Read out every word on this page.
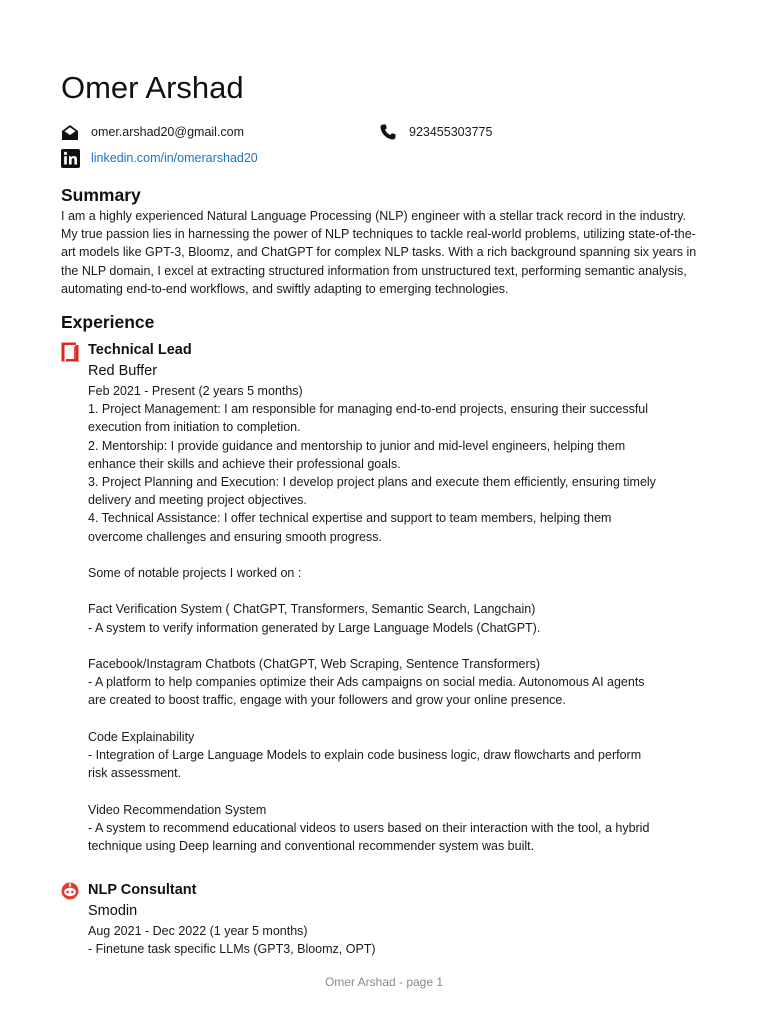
Omer Arshad
omer.arshad20@gmail.com	923455303775
linkedin.com/in/omerarshad20
Summary

I am a highly experienced Natural Language Processing (NLP) engineer with a stellar track record in the industry. My true passion lies in harnessing the power of NLP techniques to tackle real-world problems, utilizing state-of-the-art models like GPT-3, Bloomz, and ChatGPT for complex NLP tasks. With a rich background spanning six years in the NLP domain, I excel at extracting structured information from unstructured text, performing semantic analysis, automating end-to-end workflows, and swiftly adapting to emerging technologies.

Experience
Technical Lead
Red Buffer
Feb 2021 - Present (2 years 5 months)
1. Project Management: I am responsible for managing end-to-end projects, ensuring their successful
execution from initiation to completion.
2. Mentorship: I provide guidance and mentorship to junior and mid-level engineers, helping them
enhance their skills and achieve their professional goals.
3. Project Planning and Execution: I develop project plans and execute them efficiently, ensuring timely
delivery and meeting project objectives.
4. Technical Assistance: I offer technical expertise and support to team members, helping them
overcome challenges and ensuring smooth progress.
Some of notable projects I worked on :
Fact Verification System ( ChatGPT, Transformers, Semantic Search, Langchain)
- A system to verify information generated by Large Language Models (ChatGPT).
Facebook/Instagram Chatbots (ChatGPT, Web Scraping, Sentence Transformers)
- A platform to help companies optimize their Ads campaigns on social media. Autonomous AI agents
are created to boost traffic, engage with your followers and grow your online presence.
Code Explainability
- Integration of Large Language Models to explain code business logic, draw flowcharts and perform
risk assessment.
Video Recommendation System
- A system to recommend educational videos to users based on their interaction with the tool, a hybrid
technique using Deep learning and conventional recommender system was built.
NLP Consultant
Smodin
Aug 2021 - Dec 2022 (1 year 5 months)
- Finetune task specific LLMs (GPT3, Bloomz, OPT)
Omer Arshad - page 1
